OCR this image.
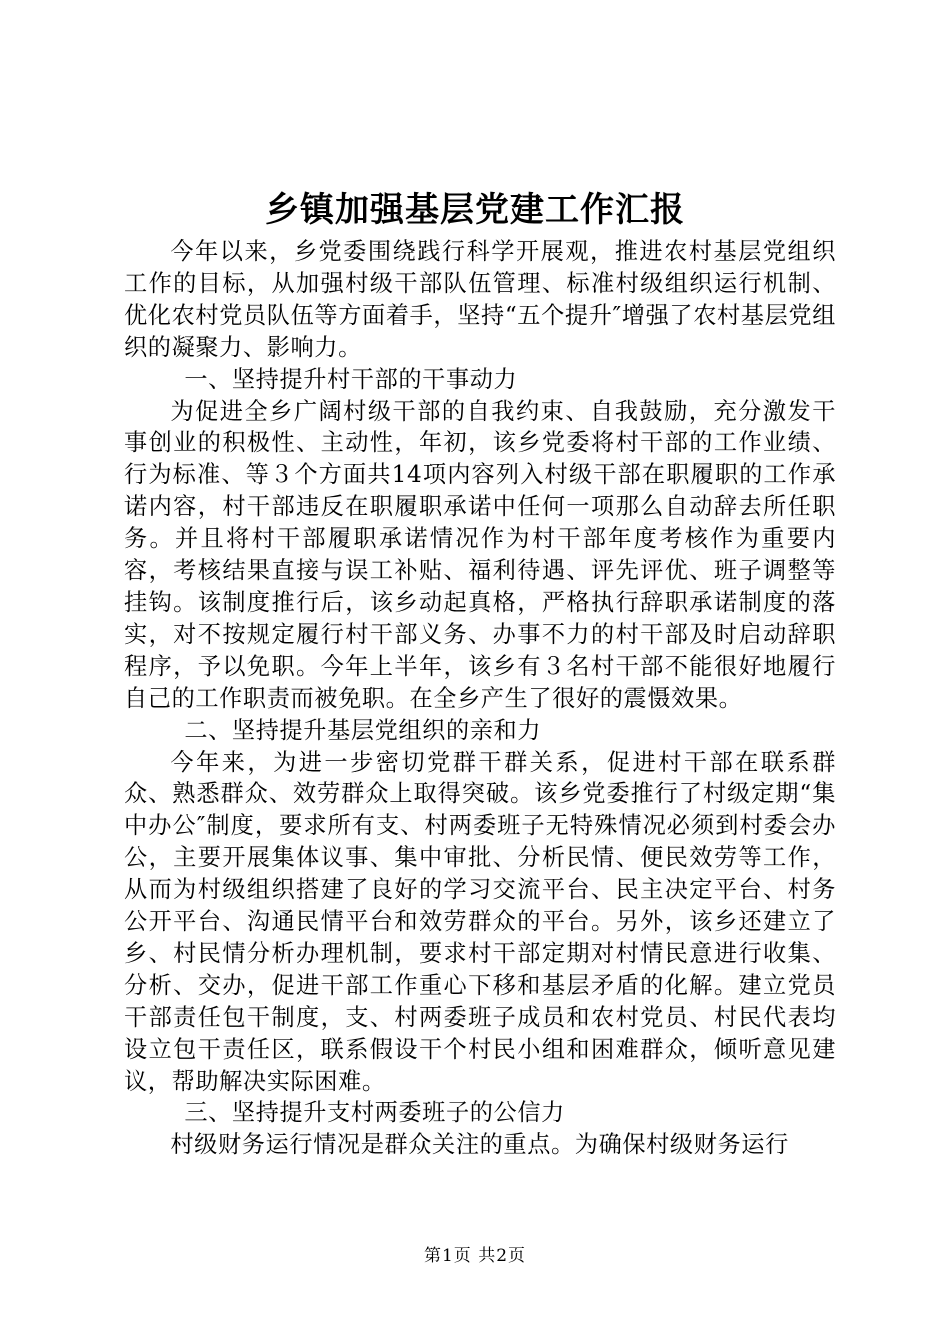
乡镇加强基层党建工作汇报

今年以来，乡党委围绕践行科学开展观，推进农村基层党组织工作的目标，从加强村级干部队伍管理、标准村级组织运行机制、优化农村党员队伍等方面着手，坚持“五个提升″增强了农村基层党组织的凝聚力、影响力。

一、坚持提升村干部的干事动力

为促进全乡广阔村级干部的自我约束、自我鼓励，充分激发干事创业的积极性、主动性，年初，该乡党委将村干部的工作业绩、行为标准、等３个方面共14项内容列入村级干部在职履职的工作承诺内容，村干部违反在职履职承诺中任何一项那么自动辞去所任职务。并且将村干部履职承诺情况作为村干部年度考核作为重要内容，考核结果直接与误工补贴、福利待遇、评先评优、班子调整等挂钩。该制度推行后，该乡动起真格，严格执行辞职承诺制度的落实，对不按规定履行村干部义务、办事不力的村干部及时启动辞职程序，予以免职。今年上半年，该乡有３名村干部不能很好地履行自己的工作职责而被免职。在全乡产生了很好的震慑效果。

二、坚持提升基层党组织的亲和力

今年来，为进一步密切党群干群关系，促进村干部在联系群众、熟悉群众、效劳群众上取得突破。该乡党委推行了村级定期“集中办公″制度，要求所有支、村两委班子无特殊情况必须到村委会办公，主要开展集体议事、集中审批、分析民情、便民效劳等工作，从而为村级组织搭建了良好的学习交流平台、民主决定平台、村务公开平台、沟通民情平台和效劳群众的平台。另外，该乡还建立了乡、村民情分析办理机制，要求村干部定期对村情民意进行收集、分析、交办，促进干部工作重心下移和基层矛盾的化解。建立党员干部责任包干制度，支、村两委班子成员和农村党员、村民代表均设立包干责任区，联系假设干个村民小组和困难群众，倾听意见建议，帮助解决实际困难。

三、坚持提升支村两委班子的公信力

村级财务运行情况是群众关注的重点。为确保村级财务运行

第1页 共2页
